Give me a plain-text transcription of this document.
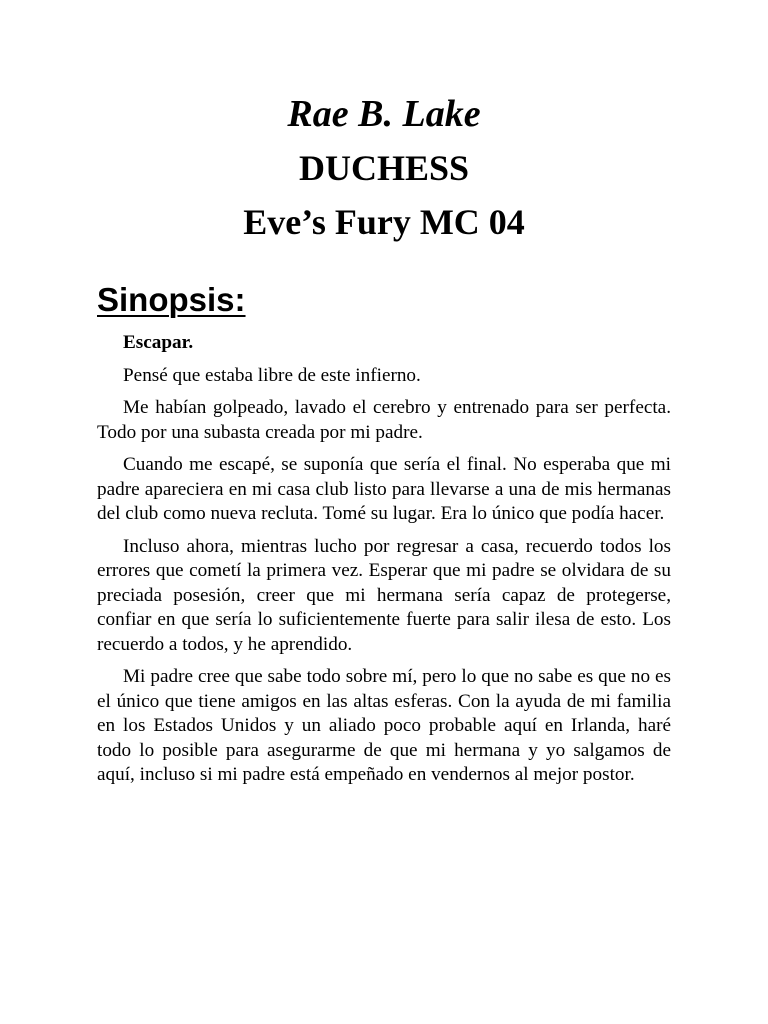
Rae B. Lake

DUCHESS

Eve’s Fury MC 04

Sinopsis:

Escapar.

Pensé que estaba libre de este infierno.

Me habían golpeado, lavado el cerebro y entrenado para ser perfecta. Todo por una subasta creada por mi padre.

Cuando me escapé, se suponía que sería el final. No esperaba que mi padre apareciera en mi casa club listo para llevarse a una de mis hermanas del club como nueva recluta. Tomé su lugar. Era lo único que podía hacer.

Incluso ahora, mientras lucho por regresar a casa, recuerdo todos los errores que cometí la primera vez. Esperar que mi padre se olvidara de su preciada posesión, creer que mi hermana sería capaz de protegerse, confiar en que sería lo suficientemente fuerte para salir ilesa de esto. Los recuerdo a todos, y he aprendido.

Mi padre cree que sabe todo sobre mí, pero lo que no sabe es que no es el único que tiene amigos en las altas esferas. Con la ayuda de mi familia en los Estados Unidos y un aliado poco probable aquí en Irlanda, haré todo lo posible para asegurarme de que mi hermana y yo salgamos de aquí, incluso si mi padre está empeñado en vendernos al mejor postor.
